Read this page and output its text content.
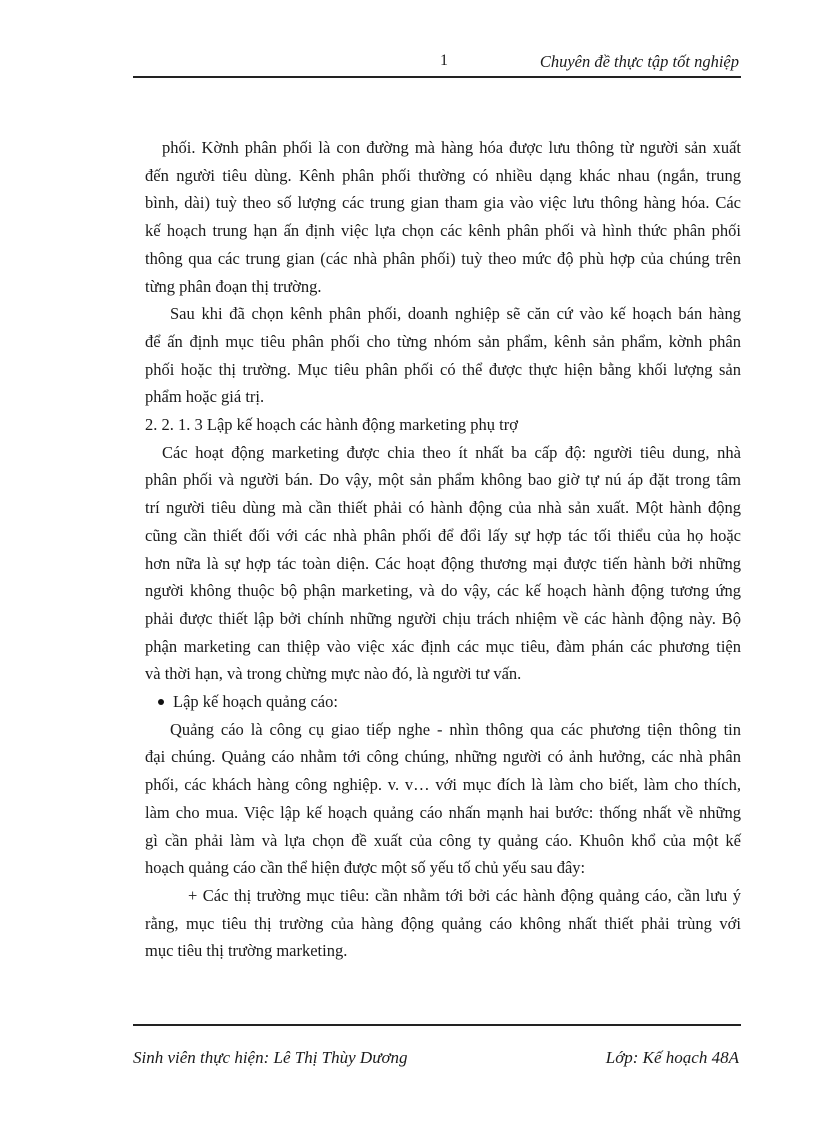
1	Chuyên đề thực tập tốt nghiệp
phối. Kờnh phân phối là con đường mà hàng hóa được lưu thông từ người sản xuất
đến người tiêu dùng. Kênh phân phối thường có nhiều dạng khác nhau (ngắn, trung
bình, dài) tuỳ theo số lượng các trung gian tham gia vào việc lưu thông hàng hóa. Các
kế hoạch trung hạn ấn định việc lựa chọn các kênh phân phối và hình thức phân phối
thông qua các trung gian (các nhà phân phối) tuỳ theo mức độ phù hợp của chúng trên
từng phân đoạn thị trường.
Sau khi đã chọn kênh phân phối, doanh nghiệp sẽ căn cứ vào kế hoạch bán hàng
để ấn định mục tiêu phân phối cho từng nhóm sản phẩm, kênh sản phẩm, kờnh phân
phối hoặc thị trường. Mục tiêu phân phối có thể được thực hiện bằng khối lượng sản
phẩm hoặc giá trị.
2. 2. 1. 3 Lập kế hoạch các hành động marketing phụ trợ
Các hoạt động marketing được chia theo ít nhất ba cấp độ: người tiêu dung, nhà
phân phối và người bán. Do vậy, một sản phẩm không bao giờ tự nú áp đặt trong tâm
trí người tiêu dùng mà cần thiết phải có hành động của nhà sản xuất. Một hành động
cũng cần thiết đối với các nhà phân phối để đổi lấy sự hợp tác tối thiểu của họ hoặc
hơn nữa là sự hợp tác toàn diện. Các hoạt động thương mại được tiến hành bởi những
người không thuộc bộ phận marketing, và do vậy, các kế hoạch hành động tương ứng
phải được thiết lập bởi chính những người chịu trách nhiệm về các hành động này. Bộ
phận marketing can thiệp vào việc xác định các mục tiêu, đàm phán các phương tiện
và thời hạn, và trong chừng mực nào đó, là người tư vấn.
Lập kế hoạch quảng cáo:
Quảng cáo là công cụ giao tiếp nghe - nhìn thông qua các phương tiện thông tin
đại chúng. Quảng cáo nhằm tới công chúng, những người có ảnh hưởng, các nhà phân
phối, các khách hàng công nghiệp. v. v… với mục đích là làm cho biết, làm cho thích,
làm cho mua. Việc lập kế hoạch quảng cáo nhấn mạnh hai bước: thống nhất về những
gì cần phải làm và lựa chọn đề xuất của công ty quảng cáo. Khuôn khổ của một kế
hoạch quảng cáo cần thể hiện được một số yếu tố chủ yếu sau đây:
+ Các thị trường mục tiêu: cần nhằm tới bởi các hành động quảng cáo, cần lưu ý
rằng, mục tiêu thị trường của hàng động quảng cáo không nhất thiết phải trùng với
mục tiêu thị trường marketing.
Sinh viên thực hiện: Lê Thị Thùy Dương	Lớp: Kế hoạch 48A
